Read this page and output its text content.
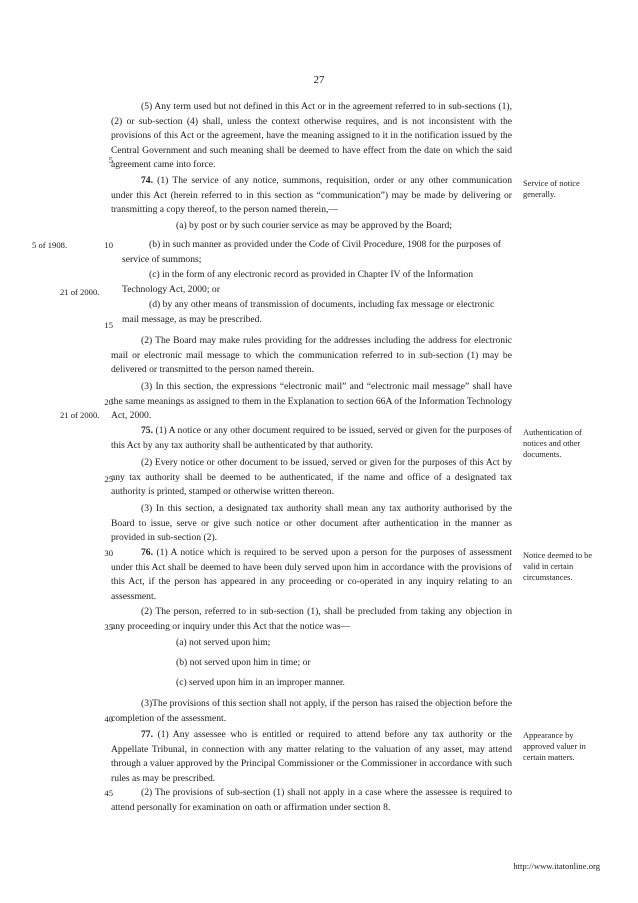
27

(5) Any term used but not defined in this Act or in the agreement referred to in sub-sections (1), (2) or sub-section (4) shall, unless the context otherwise requires, and is not inconsistent with the provisions of this Act or the agreement, have the meaning assigned to it in the notification issued by the Central Government and such meaning shall be deemed to have effect from the date on which the said agreement came into force.

74. (1) The service of any notice, summons, requisition, order or any other communication under this Act (herein referred to in this section as “communication”) may be made by delivering or transmitting a copy thereof, to the person named therein,—

(a) by post or by such courier service as may be approved by the Board;
(b) in such manner as provided under the Code of Civil Procedure, 1908 for the purposes of service of summons;
(c) in the form of any electronic record as provided in Chapter IV of the Information Technology Act, 2000; or
(d) by any other means of transmission of documents, including fax message or electronic mail message, as may be prescribed.

(2) The Board may make rules providing for the addresses including the address for electronic mail or electronic mail message to which the communication referred to in sub-section (1) may be delivered or transmitted to the person named therein.

(3) In this section, the expressions “electronic mail” and “electronic mail message” shall have the same meanings as assigned to them in the Explanation to section 66A of the Information Technology Act, 2000.

75. (1) A notice or any other document required to be issued, served or given for the purposes of this Act by any tax authority shall be authenticated by that authority.

(2) Every notice or other document to be issued, served or given for the purposes of this Act by any tax authority shall be deemed to be authenticated, if the name and office of a designated tax authority is printed, stamped or otherwise written thereon.

(3) In this section, a designated tax authority shall mean any tax authority authorised by the Board to issue, serve or give such notice or other document after authentication in the manner as provided in sub-section (2).

76. (1) A notice which is required to be served upon a person for the purposes of assessment under this Act shall be deemed to have been duly served upon him in accordance with the provisions of this Act, if the person has appeared in any proceeding or co-operated in any inquiry relating to an assessment.

(2) The person, referred to in sub-section (1), shall be precluded from taking any objection in any proceeding or inquiry under this Act that the notice was—

(a) not served upon him;
(b) not served upon him in time; or
(c) served upon him in an improper manner.

(3)The provisions of this section shall not apply, if the person has raised the objection before the completion of the assessment.

77. (1) Any assessee who is entitled or required to attend before any tax authority or the Appellate Tribunal, in connection with any matter relating to the valuation of any asset, may attend through a valuer approved by the Principal Commissioner or the Commissioner in accordance with such rules as may be prescribed.

(2) The provisions of sub-section (1) shall not apply in a case where the assessee is required to attend personally for examination on oath or affirmation under section 8.

5
10
15
20
25
30
35
40
45
5 of 1908.
21 of 2000.
21 of 2000.
Service of notice generally.
Authentication of notices and other documents.
Notice deemed to be valid in certain circumstances.
Appearance by approved valuer in certain matters.
http://www.itatonline.org
